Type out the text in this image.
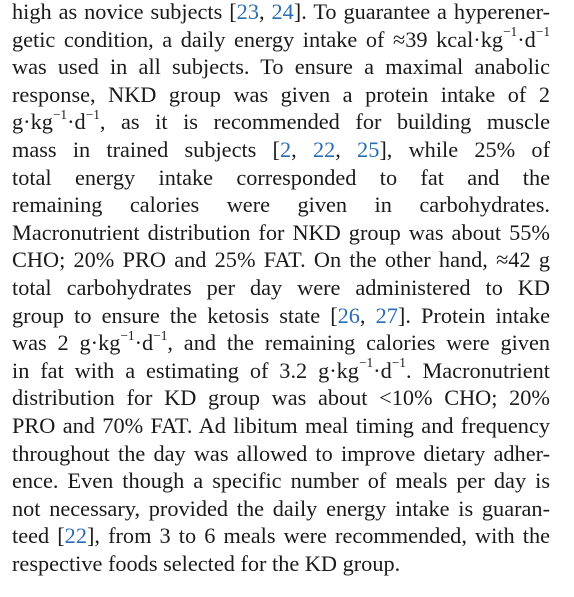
high as novice subjects [23, 24]. To guarantee a hyperener-
getic condition, a daily energy intake of ≈39 $kcal\cdot kg^{-1}\cdot d^{-1}$
was used in all subjects. To ensure a maximal anabolic
response, NKD group was given a protein intake of 2
$g\cdot kg^{-1}\cdot d^{-1}$, as it is recommended for building muscle
mass in trained subjects [2, 22, 25], while 25% of
total energy intake corresponded to fat and the
remaining calories were given in carbohydrates.
Macronutrient distribution for NKD group was about 55%
CHO; 20% PRO and 25% FAT. On the other hand, ≈42 g
total carbohydrates per day were administered to KD
group to ensure the ketosis state [26, 27]. Protein intake
was 2 $g\cdot kg^{-1}\cdot d^{-1}$, and the remaining calories were given
in fat with a estimating of 3.2 $g\cdot kg^{-1}\cdot d^{-1}$. Macronutrient
distribution for KD group was about <10% CHO; 20%
PRO and 70% FAT. Ad libitum meal timing and frequency
throughout the day was allowed to improve dietary adher-
ence. Even though a specific number of meals per day is
not necessary, provided the daily energy intake is guaran-
teed [22], from 3 to 6 meals were recommended, with the
respective foods selected for the KD group.
